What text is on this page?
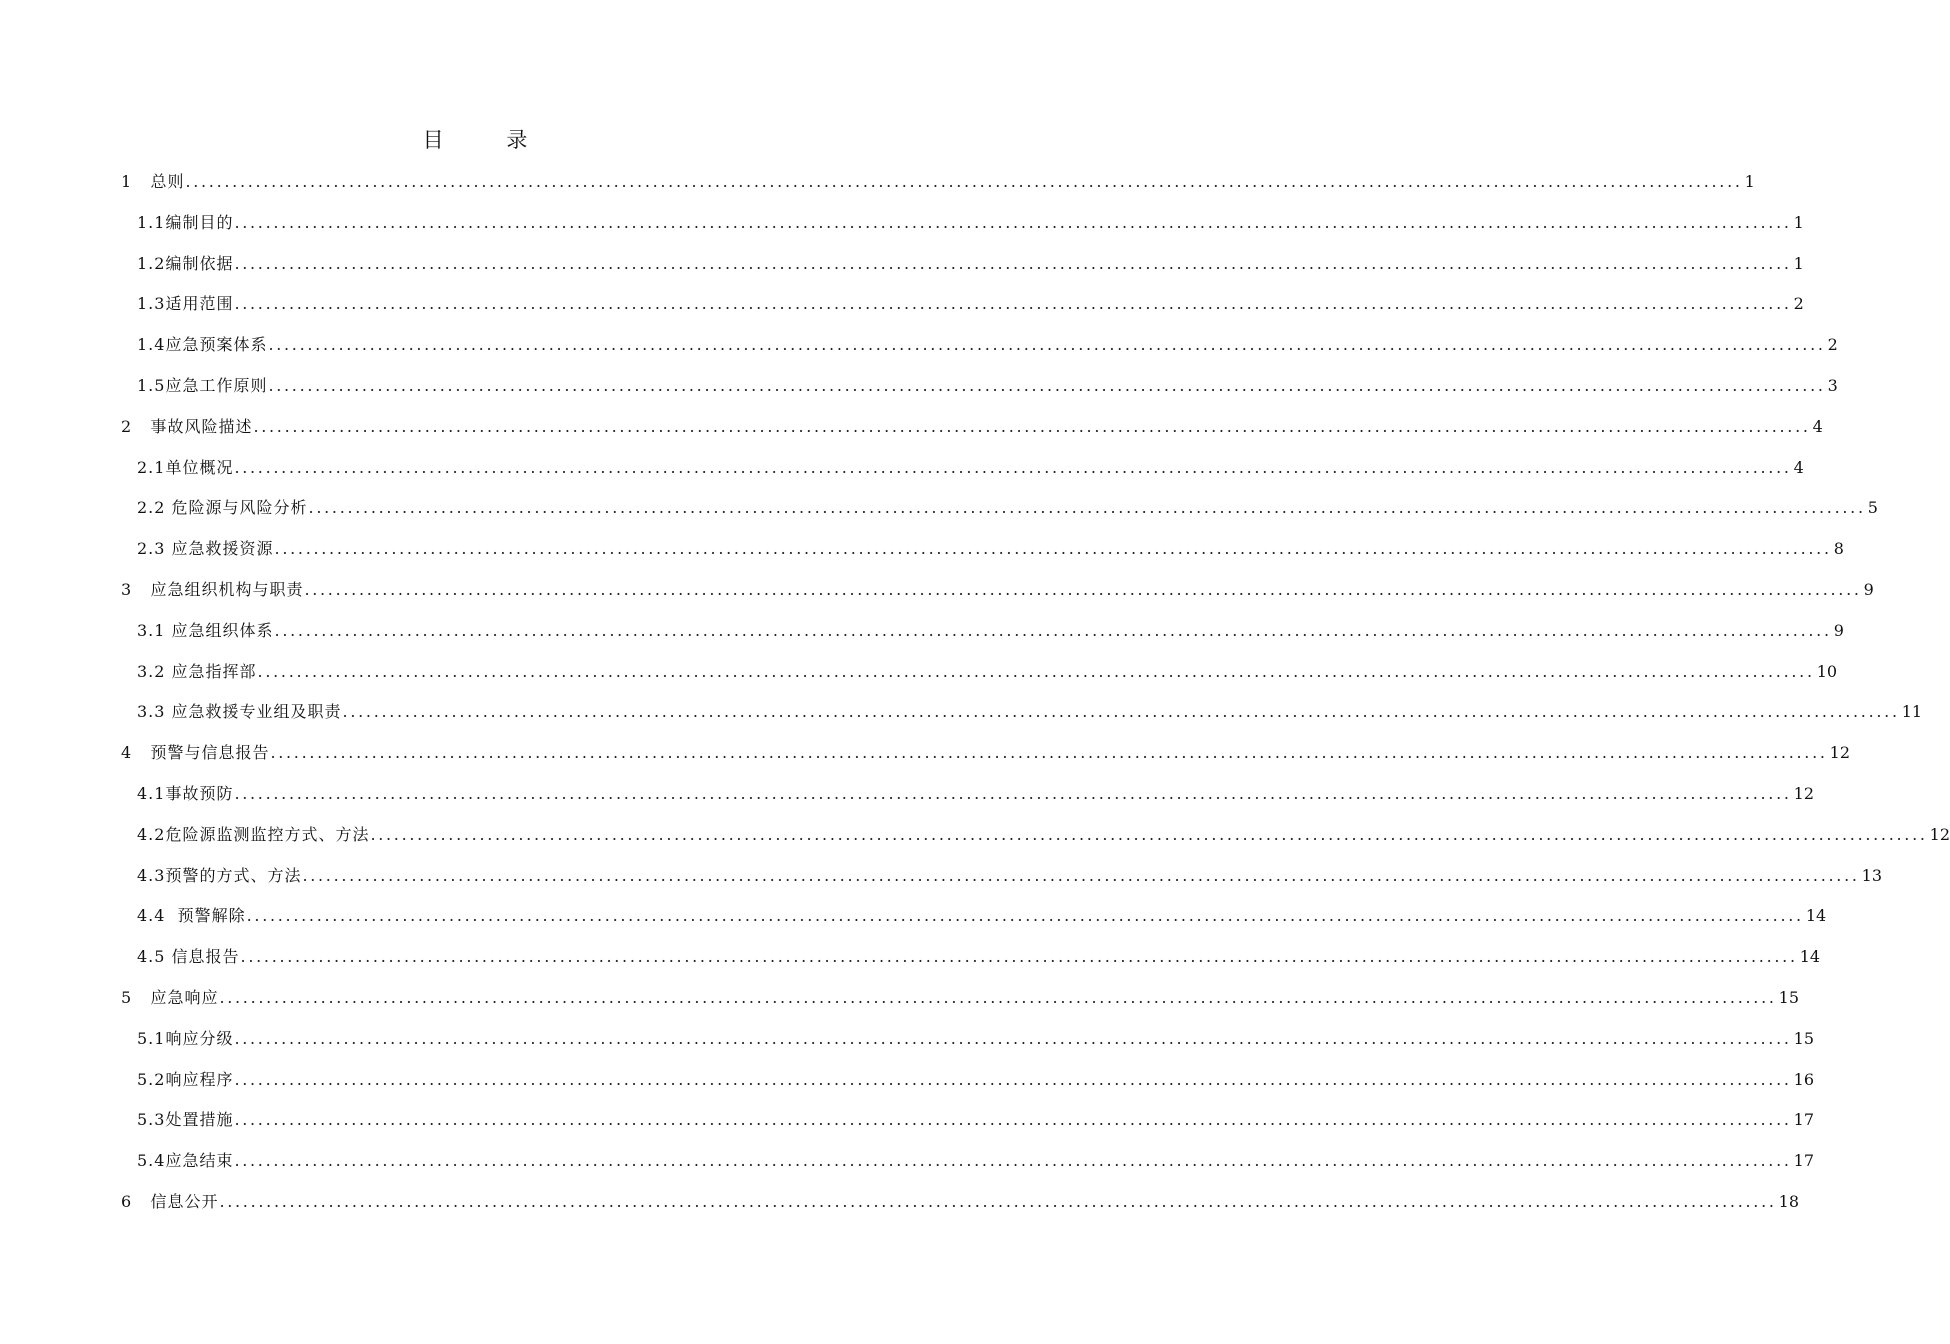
目 录
1   总则 ........................................................................................................................................................................................................ 1
1.1编制目的 ........................................................................................................................................................................................................ 1
1.2编制依据 ........................................................................................................................................................................................................ 1
1.3适用范围 ........................................................................................................................................................................................................ 2
1.4应急预案体系 ........................................................................................................................................................................................................ 2
1.5应急工作原则 ........................................................................................................................................................................................................ 3
2   事故风险描述 ........................................................................................................................................................................................................ 4
2.1单位概况 ........................................................................................................................................................................................................ 4
2.2 危险源与风险分析 ........................................................................................................................................................................................................ 5
2.3 应急救援资源 ........................................................................................................................................................................................................ 8
3   应急组织机构与职责 ........................................................................................................................................................................................................ 9
3.1 应急组织体系 ........................................................................................................................................................................................................ 9
3.2 应急指挥部 ........................................................................................................................................................................................................ 10
3.3 应急救援专业组及职责 ........................................................................................................................................................................................................ 11
4   预警与信息报告 ........................................................................................................................................................................................................ 12
4.1事故预防 ........................................................................................................................................................................................................ 12
4.2危险源监测监控方式、方法 ........................................................................................................................................................................................................ 12
4.3预警的方式、方法 ........................................................................................................................................................................................................ 13
4.4  预警解除 ........................................................................................................................................................................................................ 14
4.5 信息报告 ........................................................................................................................................................................................................ 14
5   应急响应 ........................................................................................................................................................................................................ 15
5.1响应分级 ........................................................................................................................................................................................................ 15
5.2响应程序 ........................................................................................................................................................................................................ 16
5.3处置措施 ........................................................................................................................................................................................................ 17
5.4应急结束 ........................................................................................................................................................................................................ 17
6   信息公开 ........................................................................................................................................................................................................ 18
